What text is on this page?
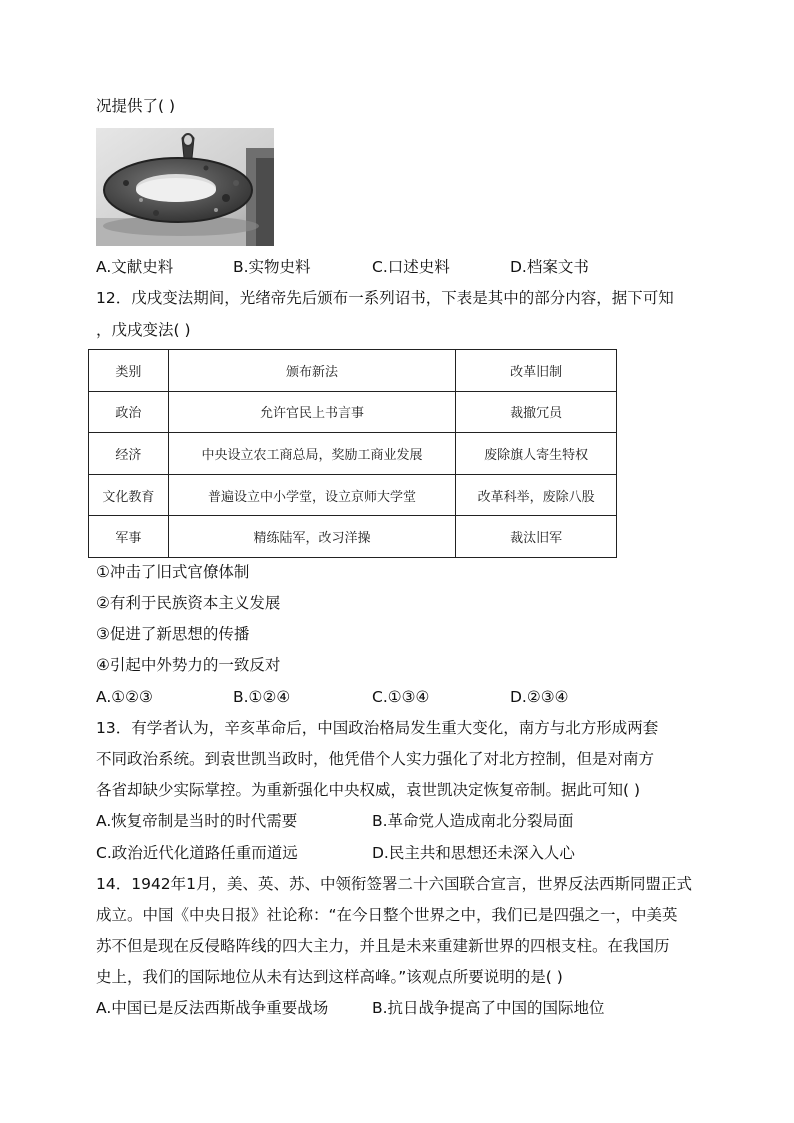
况提供了( )
A.文献史料	B.实物史料	C.口述史料	D.档案文书
12．戊戌变法期间，光绪帝先后颁布一系列诏书，下表是其中的部分内容，据下可知
，戊戌变法( )
类别	颁布新法	改革旧制
政治	允许官民上书言事	裁撤冗员
经济	中央设立农工商总局，奖励工商业发展	废除旗人寄生特权
文化教育	普遍设立中小学堂，设立京师大学堂	改革科举，废除八股
军事	精练陆军，改习洋操	裁汰旧军
①冲击了旧式官僚体制
②有利于民族资本主义发展
③促进了新思想的传播
④引起中外势力的一致反对
A.①②③	B.①②④	C.①③④	D.②③④
13．有学者认为，辛亥革命后，中国政治格局发生重大变化，南方与北方形成两套
不同政治系统。到袁世凯当政时，他凭借个人实力强化了对北方控制，但是对南方
各省却缺少实际掌控。为重新强化中央权威，袁世凯决定恢复帝制。据此可知( )
A.恢复帝制是当时的时代需要	B.革命党人造成南北分裂局面
C.政治近代化道路任重而道远	D.民主共和思想还未深入人心
14．1942年1月，美、英、苏、中领衔签署二十六国联合宣言，世界反法西斯同盟正式
成立。中国《中央日报》社论称：“在今日整个世界之中，我们已是四强之一，中美英
苏不但是现在反侵略阵线的四大主力，并且是未来重建新世界的四根支柱。在我国历
史上，我们的国际地位从未有达到这样高峰。”该观点所要说明的是( )
A.中国已是反法西斯战争重要战场	B.抗日战争提高了中国的国际地位
